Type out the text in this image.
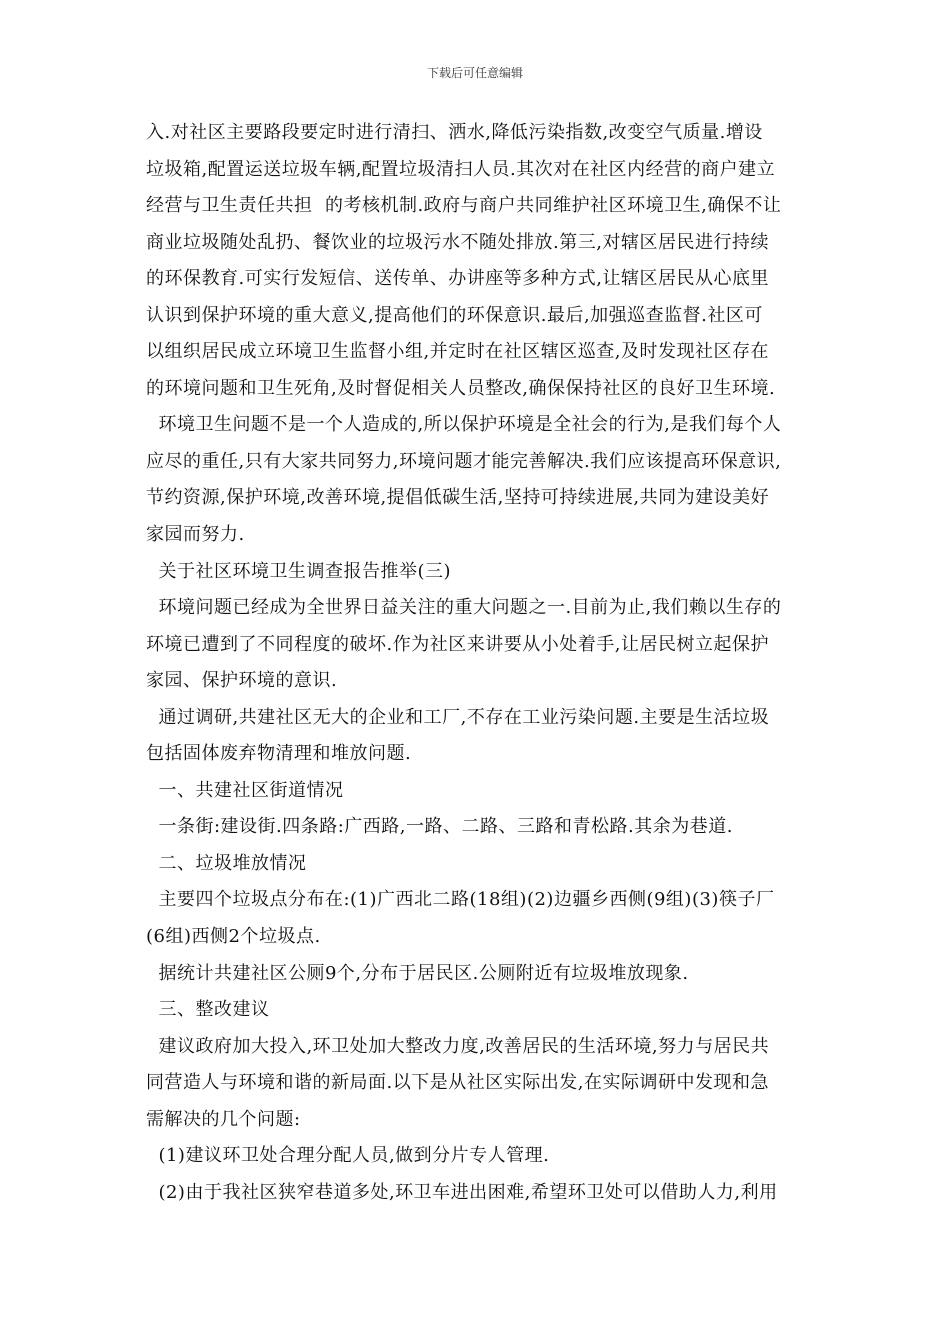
下载后可任意编辑
入.对社区主要路段要定时进行清扫、洒水,降低污染指数,改变空气质量.增设
垃圾箱,配置运送垃圾车辆,配置垃圾清扫人员.其次对在社区内经营的商户建立
经营与卫生责任共担  的考核机制.政府与商户共同维护社区环境卫生,确保不让
商业垃圾随处乱扔、餐饮业的垃圾污水不随处排放.第三,对辖区居民进行持续
的环保教育.可实行发短信、送传单、办讲座等多种方式,让辖区居民从心底里
认识到保护环境的重大意义,提高他们的环保意识.最后,加强巡查监督.社区可
以组织居民成立环境卫生监督小组,并定时在社区辖区巡查,及时发现社区存在
的环境问题和卫生死角,及时督促相关人员整改,确保保持社区的良好卫生环境.
环境卫生问题不是一个人造成的,所以保护环境是全社会的行为,是我们每个人
应尽的重任,只有大家共同努力,环境问题才能完善解决.我们应该提高环保意识,
节约资源,保护环境,改善环境,提倡低碳生活,坚持可持续进展,共同为建设美好
家园而努力.
关于社区环境卫生调查报告推举(三)
环境问题已经成为全世界日益关注的重大问题之一.目前为止,我们赖以生存的
环境已遭到了不同程度的破坏.作为社区来讲要从小处着手,让居民树立起保护
家园、保护环境的意识.
通过调研,共建社区无大的企业和工厂,不存在工业污染问题.主要是生活垃圾
包括固体废弃物清理和堆放问题.
一、共建社区街道情况
一条街:建设街.四条路:广西路,一路、二路、三路和青松路.其余为巷道.
二、垃圾堆放情况
主要四个垃圾点分布在:(1)广西北二路(18组)(2)边疆乡西侧(9组)(3)筷子厂
(6组)西侧2个垃圾点.
据统计共建社区公厕9个,分布于居民区.公厕附近有垃圾堆放现象.
三、整改建议
建议政府加大投入,环卫处加大整改力度,改善居民的生活环境,努力与居民共
同营造人与环境和谐的新局面.以下是从社区实际出发,在实际调研中发现和急
需解决的几个问题:
(1)建议环卫处合理分配人员,做到分片专人管理.
(2)由于我社区狭窄巷道多处,环卫车进出困难,希望环卫处可以借助人力,利用
